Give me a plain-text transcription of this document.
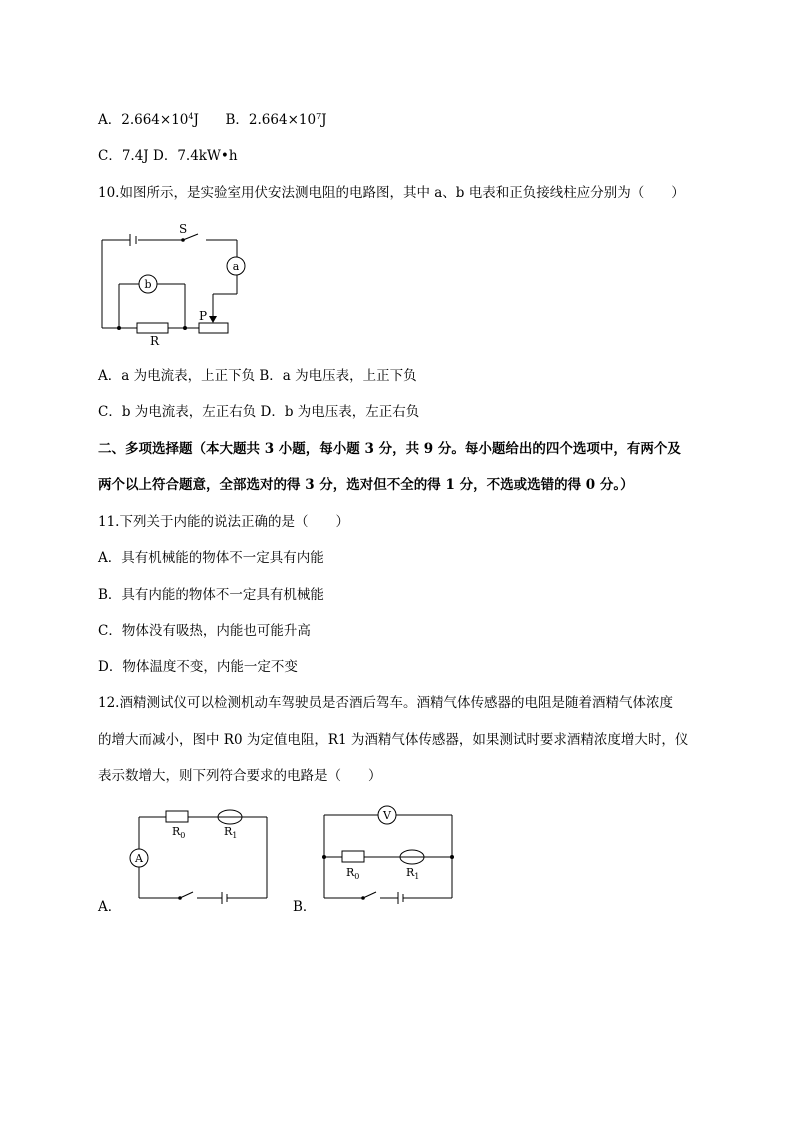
A．$2.664\times 10^4J$ B．$2.664\times 10^7J$
C．7.4J D．7.4kW•h
10.如图所示，是实验室用伏安法测电阻的电路图，其中 a、b 电表和正负接线柱应分别为（　　）
S
a
b
P
R
A．a 为电流表，上正下负 B．a 为电压表，上正下负
C．b 为电流表，左正右负 D．b 为电压表，左正右负
二、多项选择题（本大题共 3 小题，每小题 3 分，共 9 分。每小题给出的四个选项中，有两个及
两个以上符合题意，全部选对的得 3 分，选对但不全的得 1 分，不选或选错的得 0 分。）
11.下列关于内能的说法正确的是（　　）
A．具有机械能的物体不一定具有内能
B．具有内能的物体不一定具有机械能
C．物体没有吸热，内能也可能升高
D．物体温度不变，内能一定不变
12.酒精测试仪可以检测机动车驾驶员是否酒后驾车。酒精气体传感器的电阻是随着酒精气体浓度
的增大而减小，图中 R0 为定值电阻，R1 为酒精气体传感器，如果测试时要求酒精浓度增大时，仪
表示数增大，则下列符合要求的电路是（　　）
A
$R_0$	$R_1$
A．
V
$R_0$	$R_1$
B．
